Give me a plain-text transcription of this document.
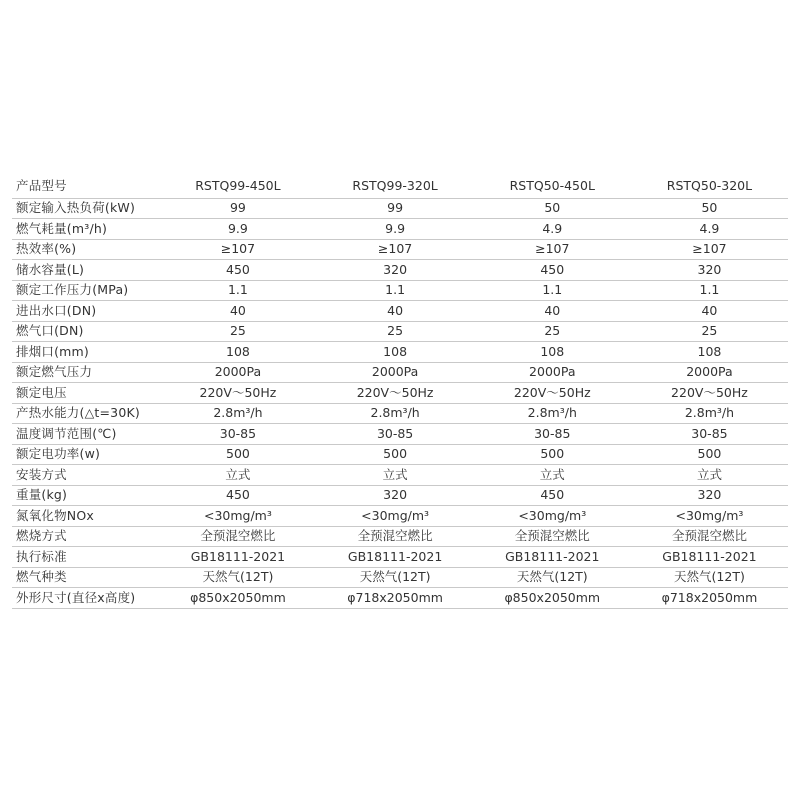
产品型号	RSTQ99-450L	RSTQ99-320L	RSTQ50-450L	RSTQ50-320L
额定输入热负荷(kW)	99	99	50	50
燃气耗量(m³/h)	9.9	9.9	4.9	4.9
热效率(%)	≥107	≥107	≥107	≥107
储水容量(L)	450	320	450	320
额定工作压力(MPa)	1.1	1.1	1.1	1.1
进出水口(DN)	40	40	40	40
燃气口(DN)	25	25	25	25
排烟口(mm)	108	108	108	108
额定燃气压力	2000Pa	2000Pa	2000Pa	2000Pa
额定电压	220V～50Hz	220V～50Hz	220V～50Hz	220V～50Hz
产热水能力(△t=30K)	2.8m³/h	2.8m³/h	2.8m³/h	2.8m³/h
温度调节范围(℃)	30-85	30-85	30-85	30-85
额定电功率(w)	500	500	500	500
安装方式	立式	立式	立式	立式
重量(kg)	450	320	450	320
氮氧化物NOx	<30mg/m³	<30mg/m³	<30mg/m³	<30mg/m³
燃烧方式	全预混空燃比	全预混空燃比	全预混空燃比	全预混空燃比
执行标准	GB18111-2021	GB18111-2021	GB18111-2021	GB18111-2021
燃气种类	天然气(12T)	天然气(12T)	天然气(12T)	天然气(12T)
外形尺寸(直径x高度)	φ850x2050mm	φ718x2050mm	φ850x2050mm	φ718x2050mm
